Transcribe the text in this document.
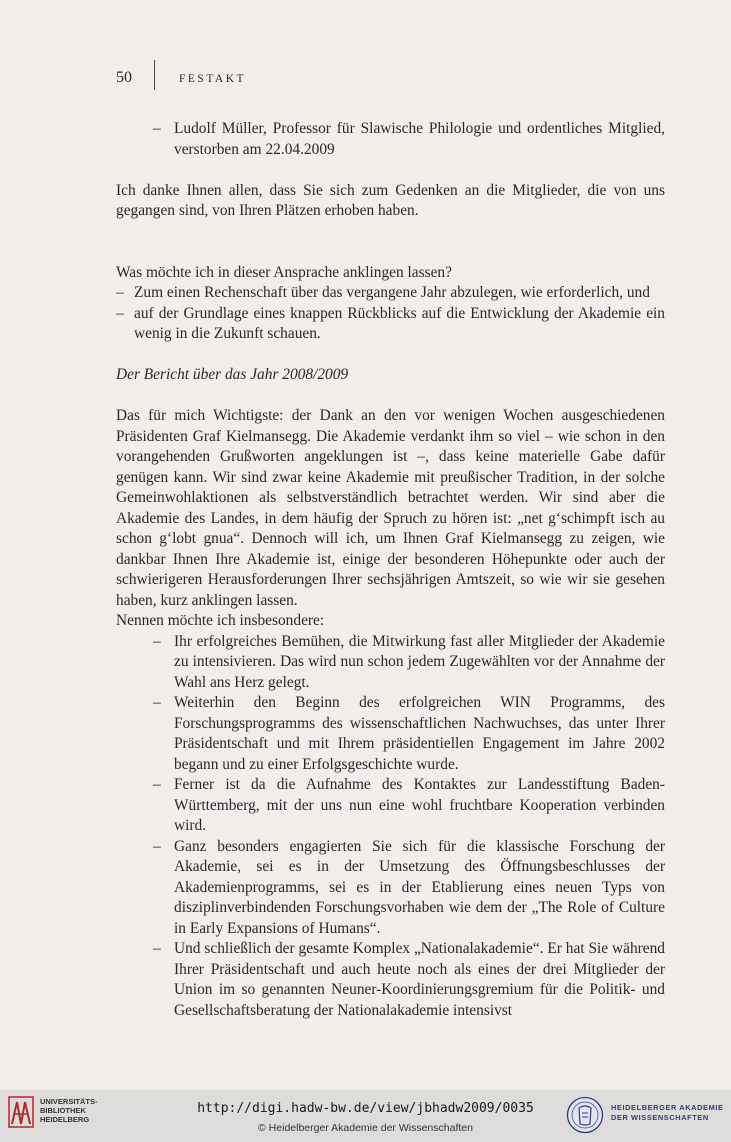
50	FESTAKT

– Ludolf Müller, Professor für Slawische Philologie und ordentliches Mitglied, verstorben am 22.04.2009

Ich danke Ihnen allen, dass Sie sich zum Gedenken an die Mitglieder, die von uns gegangen sind, von Ihren Plätzen erhoben haben.

Was möchte ich in dieser Ansprache anklingen lassen?

– Zum einen Rechenschaft über das vergangene Jahr abzulegen, wie erforderlich, und

– auf der Grundlage eines knappen Rückblicks auf die Entwicklung der Akademie ein wenig in die Zukunft schauen.

Der Bericht über das Jahr 2008/2009

Das für mich Wichtigste: der Dank an den vor wenigen Wochen ausgeschiedenen Präsidenten Graf Kielmansegg. Die Akademie verdankt ihm so viel – wie schon in den vorangehenden Grußworten angeklungen ist –, dass keine materielle Gabe dafür genügen kann. Wir sind zwar keine Akademie mit preußischer Tradition, in der solche Gemeinwohlaktionen als selbstverständlich betrachtet werden. Wir sind aber die Akademie des Landes, in dem häufig der Spruch zu hören ist: „net g‘schimpft isch au schon g‘lobt gnua“. Dennoch will ich, um Ihnen Graf Kielmansegg zu zeigen, wie dankbar Ihnen Ihre Akademie ist, einige der besonderen Höhepunkte oder auch der schwierigeren Herausforderungen Ihrer sechsjährigen Amtszeit, so wie wir sie gesehen haben, kurz anklingen lassen.

Nennen möchte ich insbesondere:

– Ihr erfolgreiches Bemühen, die Mitwirkung fast aller Mitglieder der Akademie zu intensivieren. Das wird nun schon jedem Zugewählten vor der Annahme der Wahl ans Herz gelegt.

– Weiterhin den Beginn des erfolgreichen WIN Programms, des Forschungsprogramms des wissenschaftlichen Nachwuchses, das unter Ihrer Präsidentschaft und mit Ihrem präsidentiellen Engagement im Jahre 2002 begann und zu einer Erfolgsgeschichte wurde.

– Ferner ist da die Aufnahme des Kontaktes zur Landesstiftung Baden-Württemberg, mit der uns nun eine wohl fruchtbare Kooperation verbinden wird.

– Ganz besonders engagierten Sie sich für die klassische Forschung der Akademie, sei es in der Umsetzung des Öffnungsbeschlusses der Akademienprogramms, sei es in der Etablierung eines neuen Typs von disziplinverbindenden Forschungsvorhaben wie dem der „The Role of Culture in Early Expansions of Humans“.

– Und schließlich der gesamte Komplex „Nationalakademie“. Er hat Sie während Ihrer Präsidentschaft und auch heute noch als eines der drei Mitglieder der Union im so genannten Neuner-Koordinierungsgremium für die Politik- und Gesellschaftsberatung der Nationalakademie intensivst

UNIVERSITÄTS-
BIBLIOTHEK
HEIDELBERG
http://digi.hadw-bw.de/view/jbhadw2009/0035
© Heidelberger Akademie der Wissenschaften
HEIDELBERGER AKADEMIE
DER WISSENSCHAFTEN
